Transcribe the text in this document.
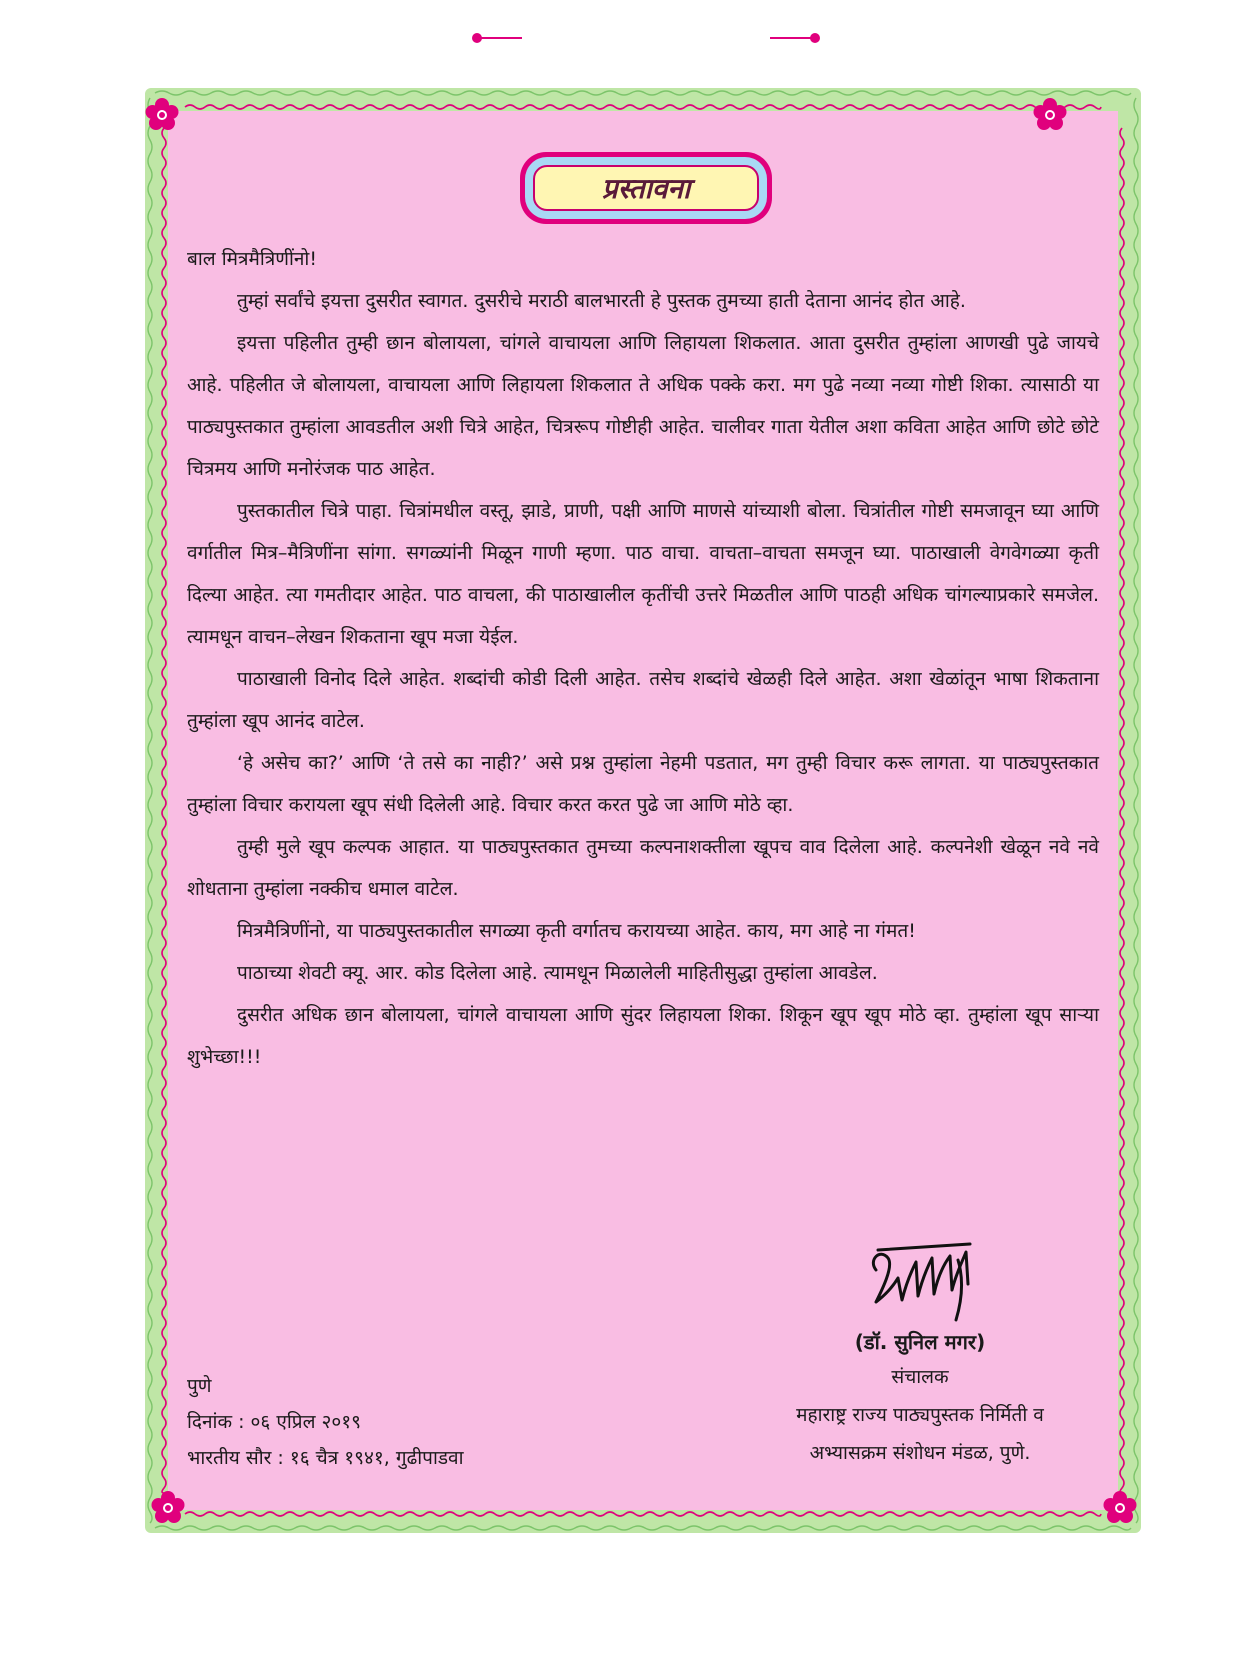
प्रस्तावना

बाल मित्रमैत्रिणींनो!

तुम्हां सर्वांचे इयत्ता दुसरीत स्वागत. दुसरीचे मराठी बालभारती हे पुस्तक तुमच्या हाती देताना आनंद होत आहे.

इयत्ता पहिलीत तुम्ही छान बोलायला, चांगले वाचायला आणि लिहायला शिकलात. आता दुसरीत तुम्हांला आणखी पुढे जायचे आहे. पहिलीत जे बोलायला, वाचायला आणि लिहायला शिकलात ते अधिक पक्के करा. मग पुढे नव्या नव्या गोष्टी शिका. त्यासाठी या पाठ्यपुस्तकात तुम्हांला आवडतील अशी चित्रे आहेत, चित्ररूप गोष्टीही आहेत. चालीवर गाता येतील अशा कविता आहेत आणि छोटे छोटे चित्रमय आणि मनोरंजक पाठ आहेत.

पुस्तकातील चित्रे पाहा. चित्रांमधील वस्तू, झाडे, प्राणी, पक्षी आणि माणसे यांच्याशी बोला. चित्रांतील गोष्टी समजावून घ्या आणि वर्गातील मित्र–मैत्रिणींना सांगा. सगळ्यांनी मिळून गाणी म्हणा. पाठ वाचा. वाचता–वाचता समजून घ्या. पाठाखाली वेगवेगळ्या कृती दिल्या आहेत. त्या गमतीदार आहेत. पाठ वाचला, की पाठाखालील कृतींची उत्तरे मिळतील आणि पाठही अधिक चांगल्याप्रकारे समजेल. त्यामधून वाचन–लेखन शिकताना खूप मजा येईल.

पाठाखाली विनोद दिले आहेत. शब्दांची कोडी दिली आहेत. तसेच शब्दांचे खेळही दिले आहेत. अशा खेळांतून भाषा शिकताना तुम्हांला खूप आनंद वाटेल.

‘हे असेच का?’ आणि ‘ते तसे का नाही?’ असे प्रश्न तुम्हांला नेहमी पडतात, मग तुम्ही विचार करू लागता. या पाठ्यपुस्तकात तुम्हांला विचार करायला खूप संधी दिलेली आहे. विचार करत करत पुढे जा आणि मोठे व्हा.

तुम्ही मुले खूप कल्पक आहात. या पाठ्यपुस्तकात तुमच्या कल्पनाशक्तीला खूपच वाव दिलेला आहे. कल्पनेशी खेळून नवे नवे शोधताना तुम्हांला नक्कीच धमाल वाटेल.

मित्रमैत्रिणींनो, या पाठ्यपुस्तकातील सगळ्या कृती वर्गातच करायच्या आहेत. काय, मग आहे ना गंमत!

पाठाच्या शेवटी क्यू. आर. कोड दिलेला आहे. त्यामधून मिळालेली माहितीसुद्धा तुम्हांला आवडेल.

दुसरीत अधिक छान बोलायला, चांगले वाचायला आणि सुंदर लिहायला शिका. शिकून खूप खूप मोठे व्हा. तुम्हांला खूप साऱ्या शुभेच्छा!!!

(डॉ. सुनिल मगर)
संचालक
महाराष्ट्र राज्य पाठ्यपुस्तक निर्मिती व
अभ्यासक्रम संशोधन मंडळ, पुणे.
पुणे
दिनांक : ०६ एप्रिल २०१९
भारतीय सौर : १६ चैत्र १९४१, गुढीपाडवा
